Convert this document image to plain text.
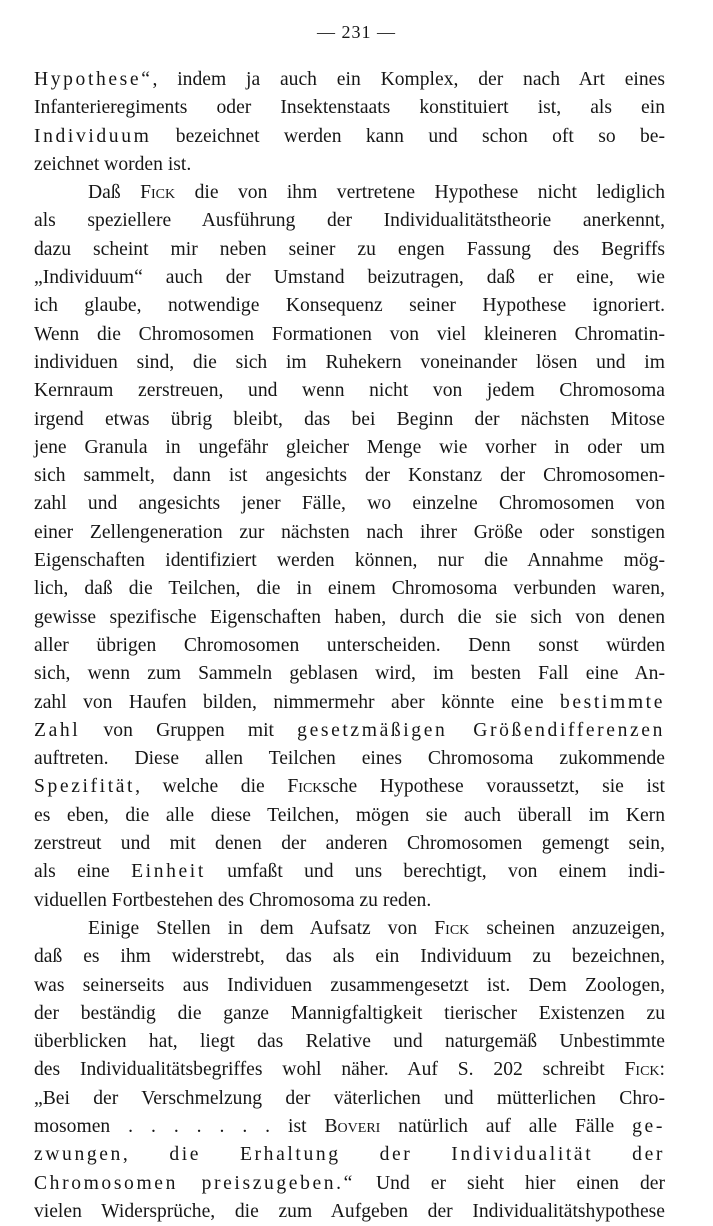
— 231 —
Hypothese“, indem ja auch ein Komplex, der nach Art eines
Infanterieregiments oder Insektenstaats konstituiert ist, als ein
Individuum bezeichnet werden kann und schon oft so be-
zeichnet worden ist.
Daß Fick die von ihm vertretene Hypothese nicht lediglich
als speziellere Ausführung der Individualitätstheorie anerkennt,
dazu scheint mir neben seiner zu engen Fassung des Begriffs
„Individuum“ auch der Umstand beizutragen, daß er eine, wie
ich glaube, notwendige Konsequenz seiner Hypothese ignoriert.
Wenn die Chromosomen Formationen von viel kleineren Chromatin-
individuen sind, die sich im Ruhekern voneinander lösen und im
Kernraum zerstreuen, und wenn nicht von jedem Chromosoma
irgend etwas übrig bleibt, das bei Beginn der nächsten Mitose
jene Granula in ungefähr gleicher Menge wie vorher in oder um
sich sammelt, dann ist angesichts der Konstanz der Chromosomen-
zahl und angesichts jener Fälle, wo einzelne Chromosomen von
einer Zellengeneration zur nächsten nach ihrer Größe oder sonstigen
Eigenschaften identifiziert werden können, nur die Annahme mög-
lich, daß die Teilchen, die in einem Chromosoma verbunden waren,
gewisse spezifische Eigenschaften haben, durch die sie sich von denen
aller übrigen Chromosomen unterscheiden. Denn sonst würden
sich, wenn zum Sammeln geblasen wird, im besten Fall eine An-
zahl von Haufen bilden, nimmermehr aber könnte eine bestimmte
Zahl von Gruppen mit gesetzmäßigen Größendifferenzen
auftreten. Diese allen Teilchen eines Chromosoma zukommende
Spezifität, welche die Ficksche Hypothese voraussetzt, sie ist
es eben, die alle diese Teilchen, mögen sie auch überall im Kern
zerstreut und mit denen der anderen Chromosomen gemengt sein,
als eine Einheit umfaßt und uns berechtigt, von einem indi-
viduellen Fortbestehen des Chromosoma zu reden.
Einige Stellen in dem Aufsatz von Fick scheinen anzuzeigen,
daß es ihm widerstrebt, das als ein Individuum zu bezeichnen,
was seinerseits aus Individuen zusammengesetzt ist. Dem Zoologen,
der beständig die ganze Mannigfaltigkeit tierischer Existenzen zu
überblicken hat, liegt das Relative und naturgemäß Unbestimmte
des Individualitätsbegriffes wohl näher. Auf S. 202 schreibt Fick:
„Bei der Verschmelzung der väterlichen und mütterlichen Chro-
mosomen . . . . . . . ist Boveri natürlich auf alle Fälle ge-
zwungen, die Erhaltung der Individualität der
Chromosomen preiszugeben.“ Und er sieht hier einen der
vielen Widersprüche, die zum Aufgeben der Individualitätshypothese
